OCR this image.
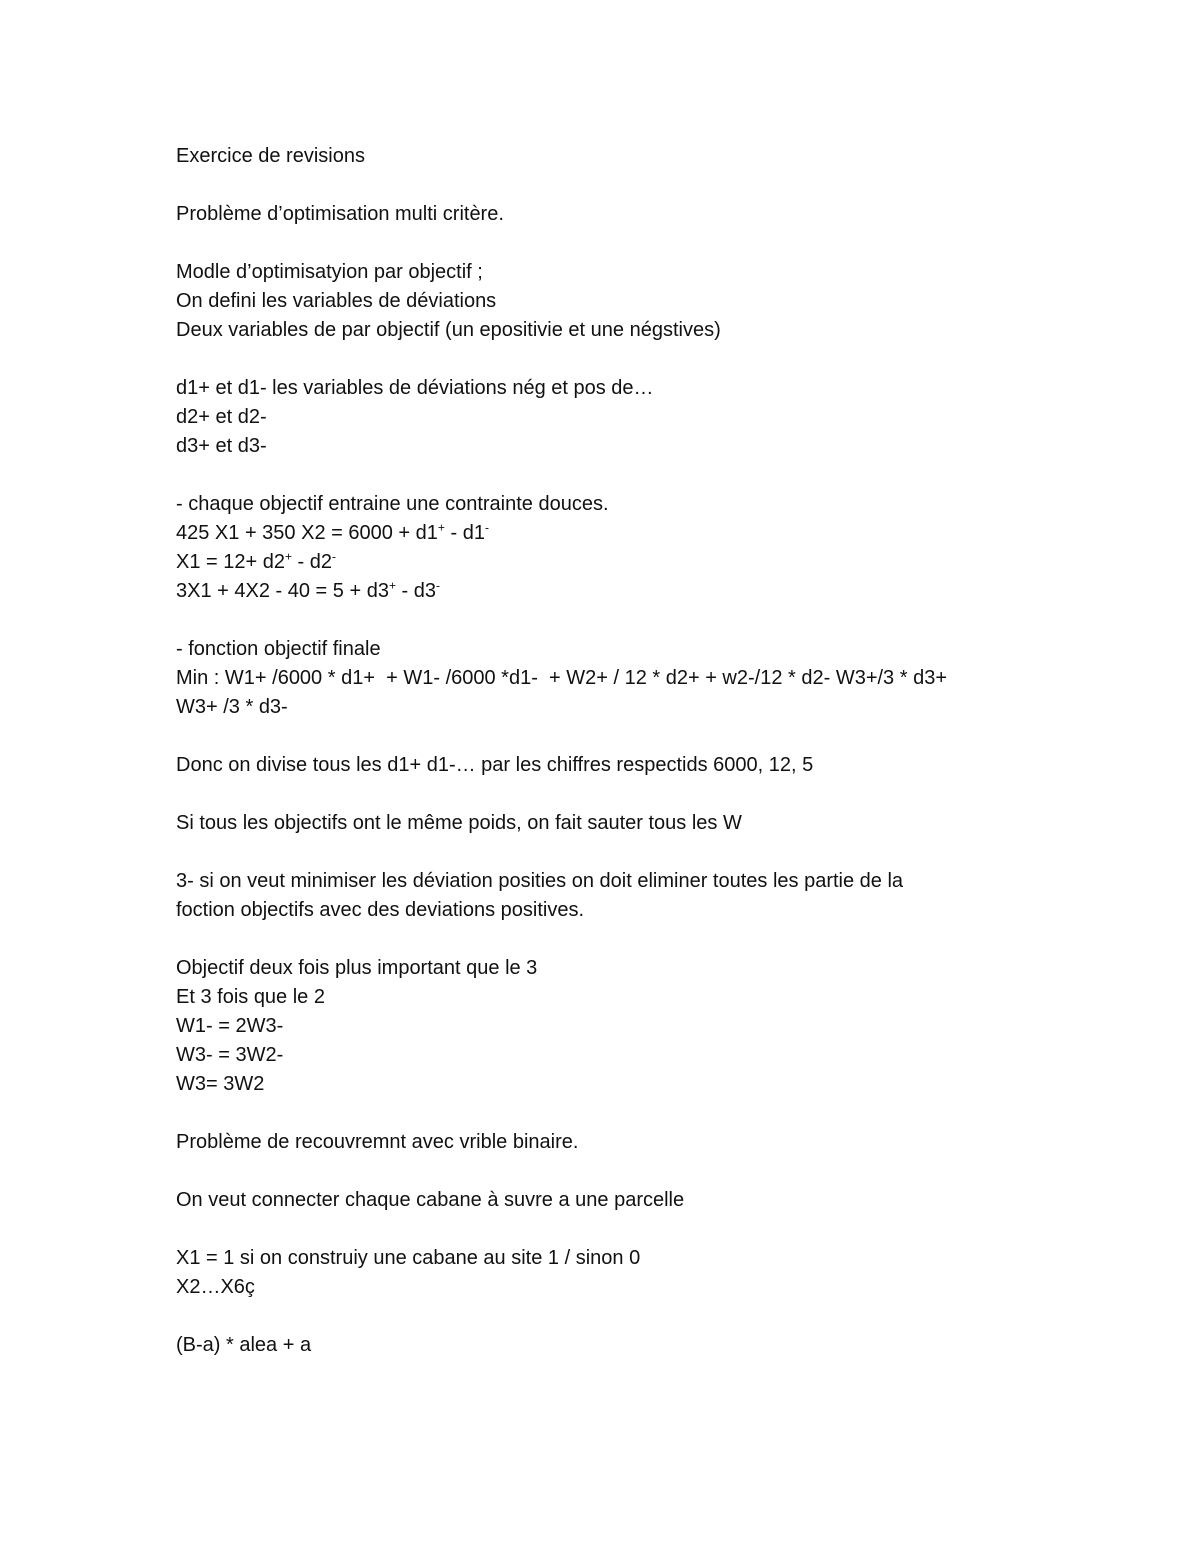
Exercice de revisions
Problème d’optimisation multi critère.
Modle d’optimisatyion par objectif ;
On defini les variables de déviations
Deux variables de par objectif (un epositivie et une négstives)
d1+ et d1- les variables de déviations nég et pos de…
d2+ et d2-
d3+ et d3-
- chaque objectif entraine une contrainte douces.
425 X1 + 350 X2 = 6000 + d1+ - d1-
X1 = 12+ d2+ - d2-
3X1 + 4X2 - 40 = 5 + d3+ - d3-
- fonction objectif finale
Min : W1+ /6000 * d1+  + W1- /6000 *d1-  + W2+ / 12 * d2+ + w2-/12 * d2- W3+/3 * d3+
W3+ /3 * d3-
Donc on divise tous les d1+ d1-… par les chiffres respectids 6000, 12, 5
Si tous les objectifs ont le même poids, on fait sauter tous les W
3- si on veut minimiser les déviation posities on doit eliminer toutes les partie de la
foction objectifs avec des deviations positives.
Objectif deux fois plus important que le 3
Et 3 fois que le 2
W1- = 2W3-
W3- = 3W2-
W3= 3W2
Problème de recouvremnt avec vrible binaire.
On veut connecter chaque cabane à suvre a une parcelle
X1 = 1 si on construiy une cabane au site 1 / sinon 0
X2…X6ç
(B-a) * alea + a
